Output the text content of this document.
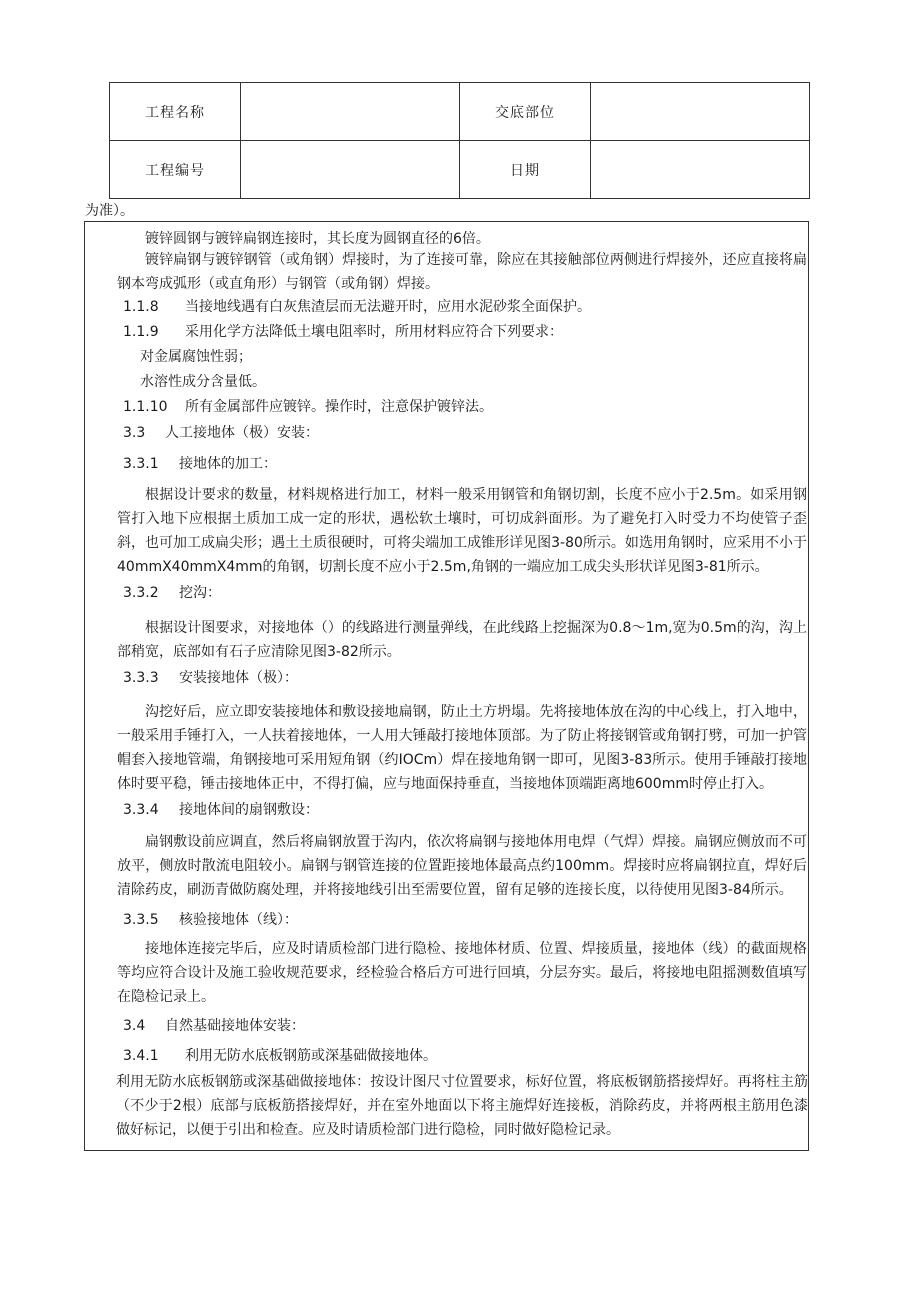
工程名称		交底部位	
工程编号		日期	
为准）。
镀锌圆钢与镀锌扁钢连接时，其长度为圆钢直径的6倍。
镀锌扁钢与镀锌钢管（或角钢）焊接时，为了连接可靠，除应在其接触部位两侧进行焊接外，还应直接将扁钢本弯成弧形（或直角形）与钢管（或角钢）焊接。
1.1.8 当接地线遇有白灰焦渣层而无法避开时，应用水泥砂浆全面保护。
1.1.9 采用化学方法降低土壤电阻率时，所用材料应符合下列要求：
对金属腐蚀性弱；
水溶性成分含量低。
1.1.10 所有金属部件应镀锌。操作时，注意保护镀锌法。
3.3 人工接地体（极）安装：
3.3.1 接地体的加工：
根据设计要求的数量，材料规格进行加工，材料一般采用钢管和角钢切割，长度不应小于2.5m。如采用钢管打入地下应根据土质加工成一定的形状，遇松软土壤时，可切成斜面形。为了避免打入时受力不均使管子歪斜，也可加工成扁尖形；遇土土质很硬时，可将尖端加工成锥形详见图3-80所示。如选用角钢时，应采用不小于40mmX40mmX4mm的角钢，切割长度不应小于2.5m,角钢的一端应加工成尖头形状详见图3-81所示。
3.3.2 挖沟：
根据设计图要求，对接地体（）的线路进行测量弹线，在此线路上挖掘深为0.8～1m,宽为0.5m的沟，沟上部稍宽，底部如有石子应清除见图3-82所示。
3.3.3 安装接地体（极）：
沟挖好后，应立即安装接地体和敷设接地扁钢，防止土方坍塌。先将接地体放在沟的中心线上，打入地中，一般采用手锤打入，一人扶着接地体，一人用大锤敲打接地体顶部。为了防止将接钢管或角钢打劈，可加一护管帽套入接地管端，角钢接地可采用短角钢（约IOCm）焊在接地角钢一即可，见图3-83所示。使用手锤敲打接地体时要平稳，锤击接地体正中，不得打偏，应与地面保持垂直，当接地体顶端距离地600mm时停止打入。
3.3.4 接地体间的扇钢敷设：
扁钢敷设前应调直，然后将扁钢放置于沟内，依次将扁钢与接地体用电焊（气焊）焊接。扁钢应侧放而不可放平，侧放时散流电阻较小。扁钢与钢管连接的位置距接地体最高点约100mm。焊接时应将扁钢拉直，焊好后清除药皮，刷沥青做防腐处理，并将接地线引出至需要位置，留有足够的连接长度，以待使用见图3-84所示。
3.3.5 核验接地体（线）：
接地体连接完毕后，应及时请质检部门进行隐检、接地体材质、位置、焊接质量，接地体（线）的截面规格等均应符合设计及施工验收规范要求，经检验合格后方可进行回填，分层夯实。最后，将接地电阻摇测数值填写在隐检记录上。
3.4 自然基础接地体安装：
3.4.1 利用无防水底板钢筋或深基础做接地体。
利用无防水底板钢筋或深基础做接地体：按设计图尺寸位置要求，标好位置，将底板钢筋搭接焊好。再将柱主筋（不少于2根）底部与底板筋搭接焊好，并在室外地面以下将主施焊好连接板，消除药皮，并将两根主筋用色漆做好标记，以便于引出和检查。应及时请质检部门进行隐检，同时做好隐检记录。
